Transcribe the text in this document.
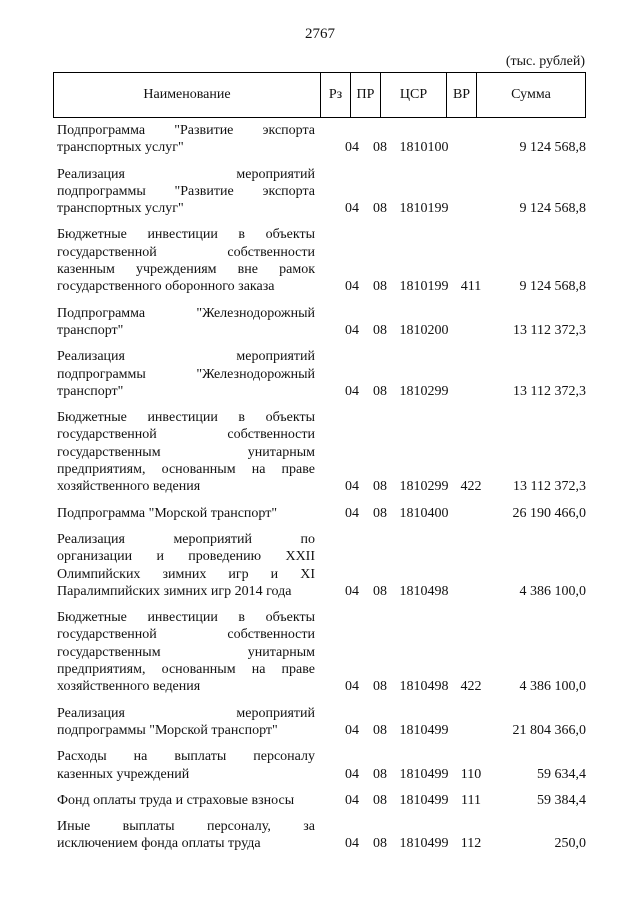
2767
(тыс. рублей)
Наименование	Рз	ПР	ЦСР	ВР	Сумма
Подпрограмма "Развитие экспорта
транспортных услуг"	04	08 1810100	9 124 568,8
Реализация мероприятий
подпрограммы "Развитие экспорта
транспортных услуг"	04	08 1810199	9 124 568,8
Бюджетные инвестиции в объекты
государственной собственности
казенным учреждениям вне рамок
государственного оборонного заказа	04	08 1810199 411	9 124 568,8
Подпрограмма "Железнодорожный
транспорт"	04	08 1810200	13 112 372,3
Реализация мероприятий
подпрограммы "Железнодорожный
транспорт"	04	08 1810299	13 112 372,3
Бюджетные инвестиции в объекты
государственной собственности
государственным унитарным
предприятиям, основанным на праве
хозяйственного ведения	04	08 1810299 422	13 112 372,3
Подпрограмма "Морской транспорт"	04	08 1810400	26 190 466,0
Реализация мероприятий по
организации и проведению XXII
Олимпийских зимних игр и XI
Паралимпийских зимних игр 2014 года	04	08 1810498	4 386 100,0
Бюджетные инвестиции в объекты
государственной собственности
государственным унитарным
предприятиям, основанным на праве
хозяйственного ведения	04	08 1810498 422	4 386 100,0
Реализация мероприятий
подпрограммы "Морской транспорт"	04	08 1810499	21 804 366,0
Расходы на выплаты персоналу
казенных учреждений	04	08 1810499 110	59 634,4
Фонд оплаты труда и страховые взносы	04	08 1810499 111	59 384,4
Иные выплаты персоналу, за
исключением фонда оплаты труда	04	08 1810499 112	250,0
